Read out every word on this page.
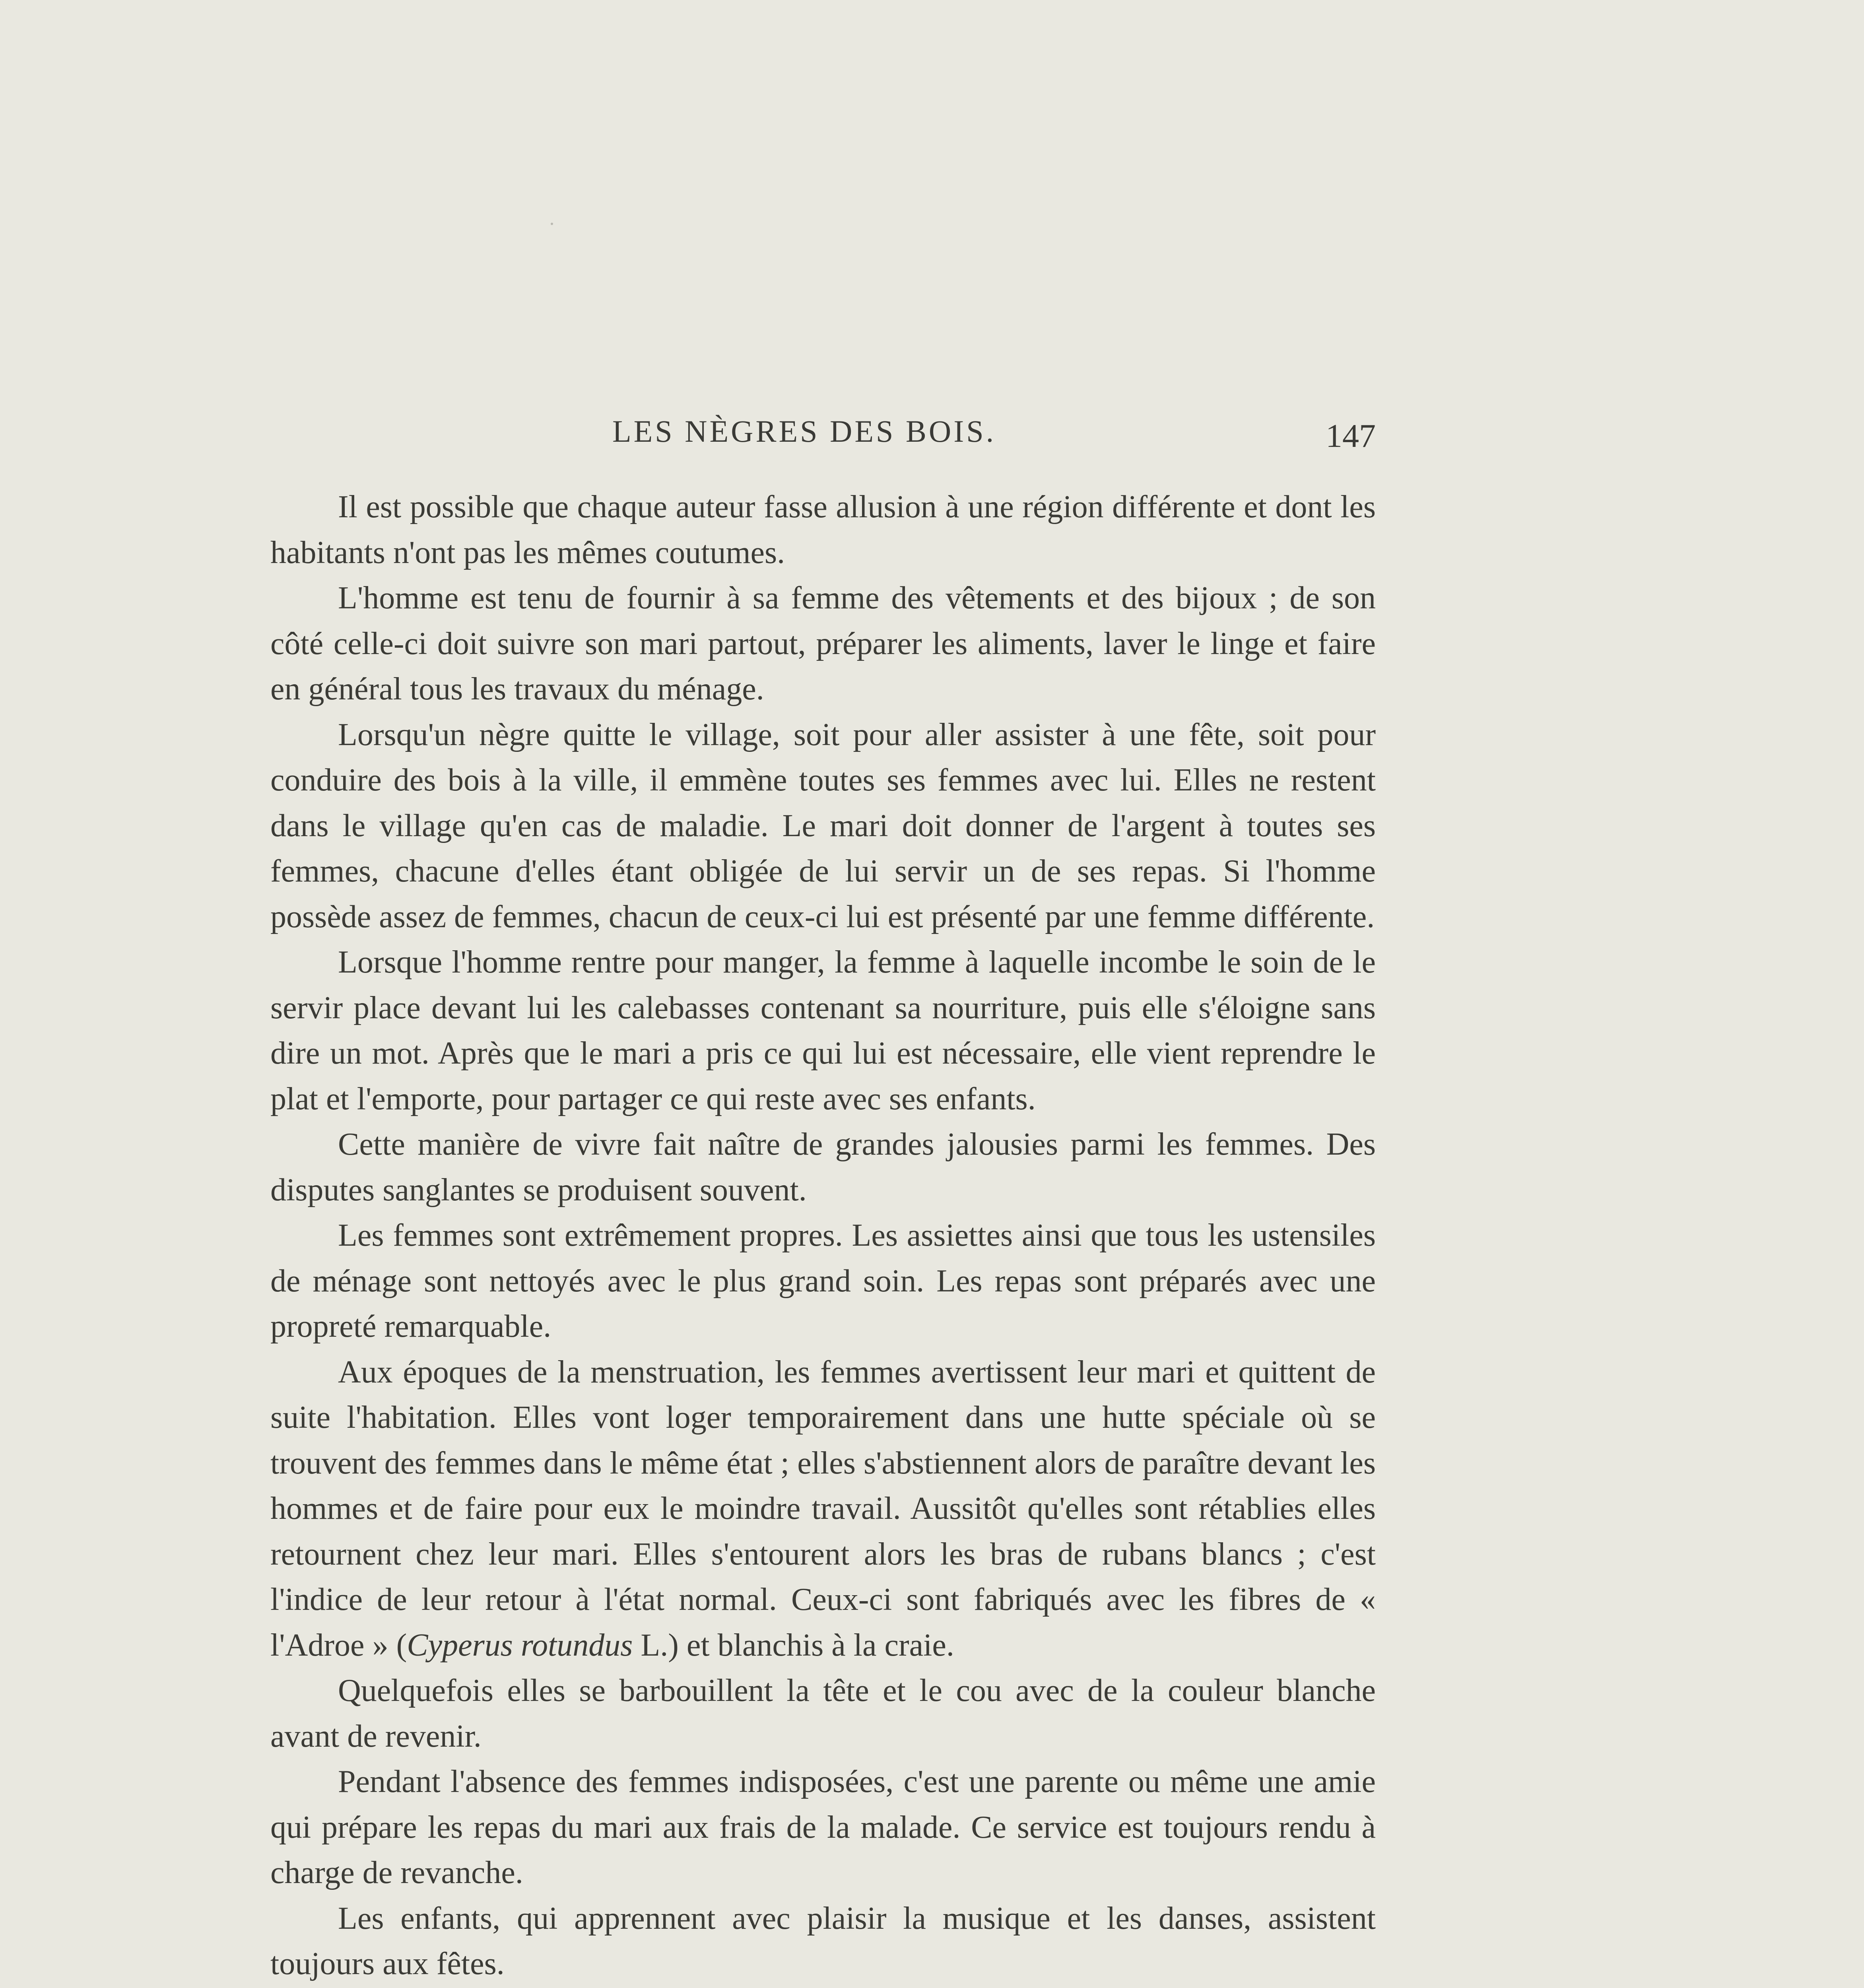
LES NÈGRES DES BOIS.	147

Il est possible que chaque auteur fasse allusion à une région différente et dont les habitants n'ont pas les mêmes coutumes.

L'homme est tenu de fournir à sa femme des vêtements et des bijoux ; de son côté celle-ci doit suivre son mari partout, préparer les aliments, laver le linge et faire en général tous les travaux du ménage.

Lorsqu'un nègre quitte le village, soit pour aller assister à une fête, soit pour conduire des bois à la ville, il emmène toutes ses femmes avec lui. Elles ne restent dans le village qu'en cas de maladie. Le mari doit donner de l'argent à toutes ses femmes, chacune d'elles étant obligée de lui servir un de ses repas. Si l'homme possède assez de femmes, chacun de ceux-ci lui est présenté par une femme différente.

Lorsque l'homme rentre pour manger, la femme à laquelle incombe le soin de le servir place devant lui les calebasses contenant sa nourriture, puis elle s'éloigne sans dire un mot. Après que le mari a pris ce qui lui est nécessaire, elle vient reprendre le plat et l'emporte, pour partager ce qui reste avec ses enfants.

Cette manière de vivre fait naître de grandes jalousies parmi les femmes. Des disputes sanglantes se produisent souvent.

Les femmes sont extrêmement propres. Les assiettes ainsi que tous les ustensiles de ménage sont nettoyés avec le plus grand soin. Les repas sont préparés avec une propreté remarquable.

Aux époques de la menstruation, les femmes avertissent leur mari et quittent de suite l'habitation. Elles vont loger temporairement dans une hutte spéciale où se trouvent des femmes dans le même état ; elles s'abstiennent alors de paraître devant les hommes et de faire pour eux le moindre travail. Aussitôt qu'elles sont rétablies elles retournent chez leur mari. Elles s'entourent alors les bras de rubans blancs ; c'est l'indice de leur retour à l'état normal. Ceux-ci sont fabriqués avec les fibres de « l'Adroe » (Cyperus rotundus L.) et blanchis à la craie.

Quelquefois elles se barbouillent la tête et le cou avec de la couleur blanche avant de revenir.

Pendant l'absence des femmes indisposées, c'est une parente ou même une amie qui prépare les repas du mari aux frais de la malade. Ce service est toujours rendu à charge de revanche.

Les enfants, qui apprennent avec plaisir la musique et les danses, assistent toujours aux fêtes.
